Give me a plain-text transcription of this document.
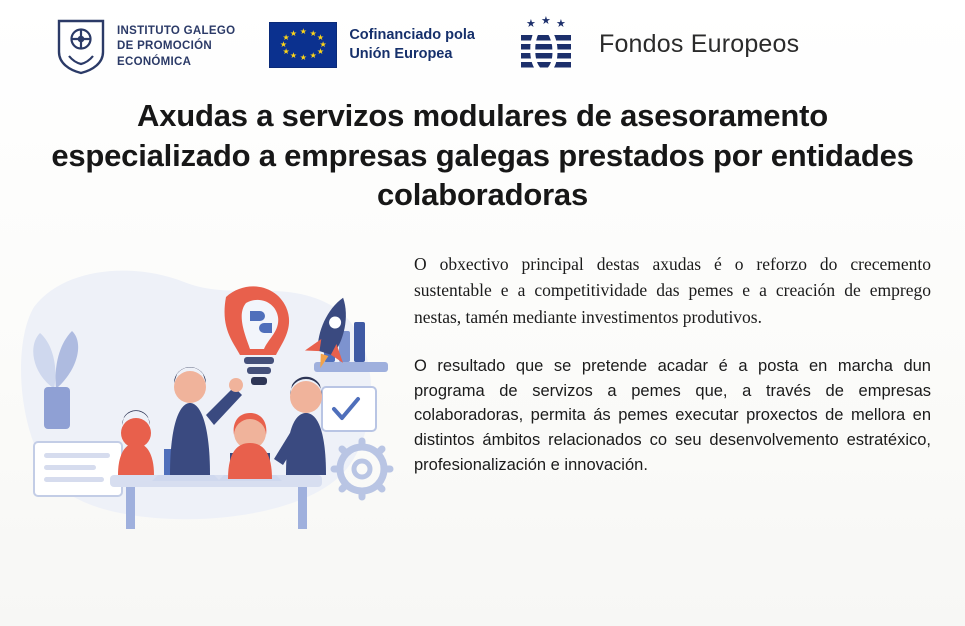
INSTITUTO GALEGO
DE PROMOCIÓN
ECONÓMICA
★ ★ ★
★
★
★
★
★
★
★
★ ★	Cofinanciado pola
Unión Europea
★ ★ ★
Fondos Europeos
Axudas a servizos modulares de asesoramento especializado a empresas galegas prestados por entidades colaboradoras

O obxectivo principal destas axudas é o reforzo do crecemento sustentable e a competitividade das pemes e a creación de emprego nestas, tamén mediante investimentos produtivos.

O resultado que se pretende acadar é a posta en marcha dun programa de servizos a pemes que, a través de empresas colaboradoras, permita ás pemes executar proxectos de mellora en distintos ámbitos relacionados co seu desenvolvemento estratéxico, profesionalización e innovación.
